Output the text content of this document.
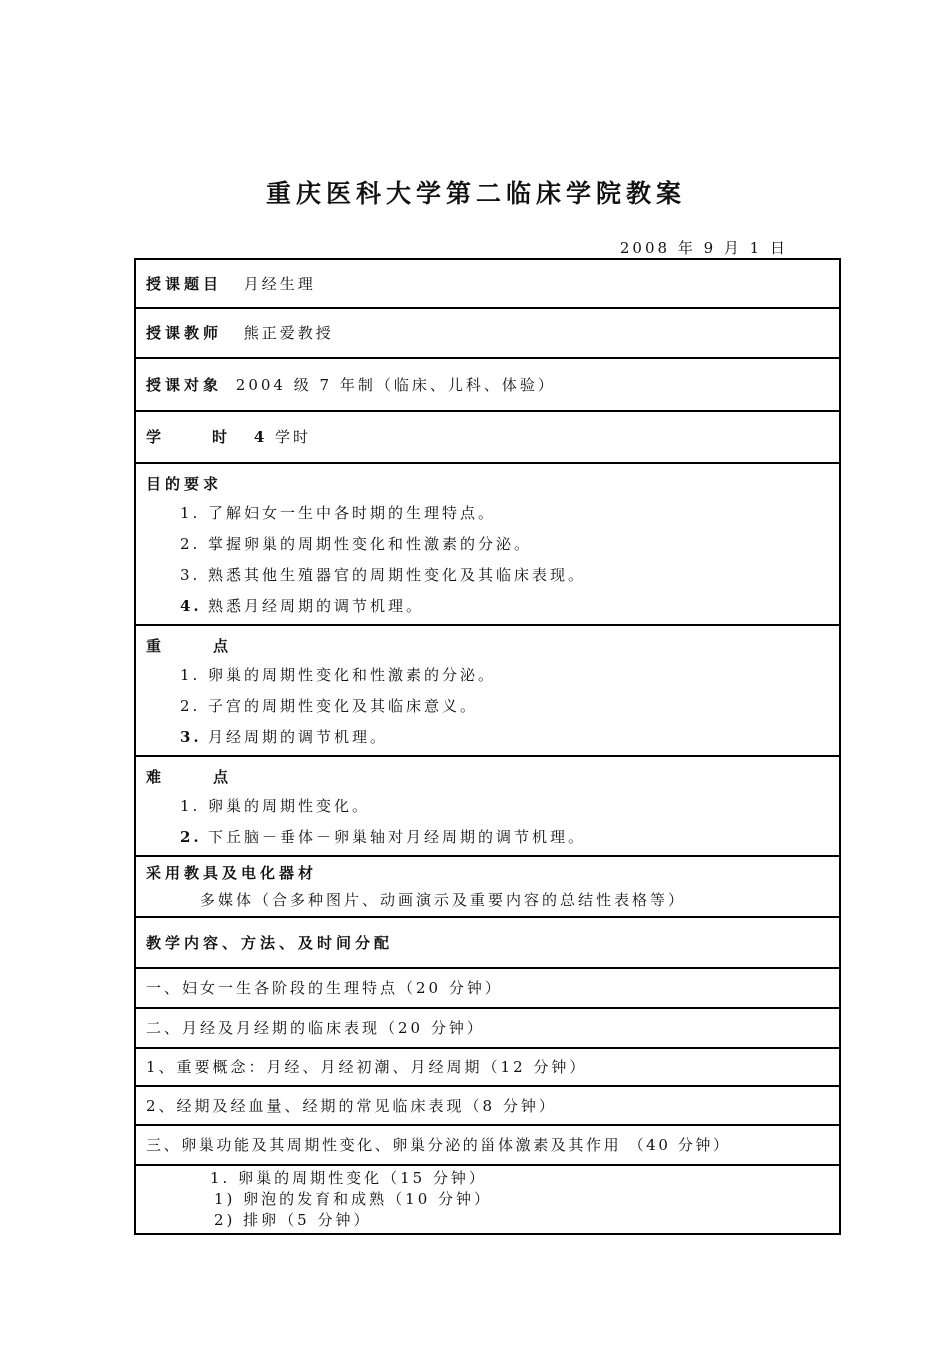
重庆医科大学第二临床学院教案
2008 年 9 月 1 日
授课题目 月经生理
授课教师 熊正爱教授
授课对象 2004 级 7 年制（临床、儿科、体验）
学	时 4 学时

目的要求
1. 了解妇女一生中各时期的生理特点。
2. 掌握卵巢的周期性变化和性激素的分泌。
3. 熟悉其他生殖器官的周期性变化及其临床表现。
4. 熟悉月经周期的调节机理。

重	点
1. 卵巢的周期性变化和性激素的分泌。
2. 子宫的周期性变化及其临床意义。
3. 月经周期的调节机理。

难	点
1. 卵巢的周期性变化。
2. 下丘脑－垂体－卵巢轴对月经周期的调节机理。

采用教具及电化器材
多媒体（合多种图片、动画演示及重要内容的总结性表格等）

教学内容、方法、及时间分配
一、妇女一生各阶段的生理特点（20 分钟）
二、月经及月经期的临床表现（20 分钟）
1、重要概念：月经、月经初潮、月经周期（12 分钟）
2、经期及经血量、经期的常见临床表现（8 分钟）
三、卵巢功能及其周期性变化、卵巢分泌的甾体激素及其作用 （40 分钟）

1. 卵巢的周期性变化（15 分钟）
1) 卵泡的发育和成熟（10 分钟）
2) 排卵（5 分钟）
